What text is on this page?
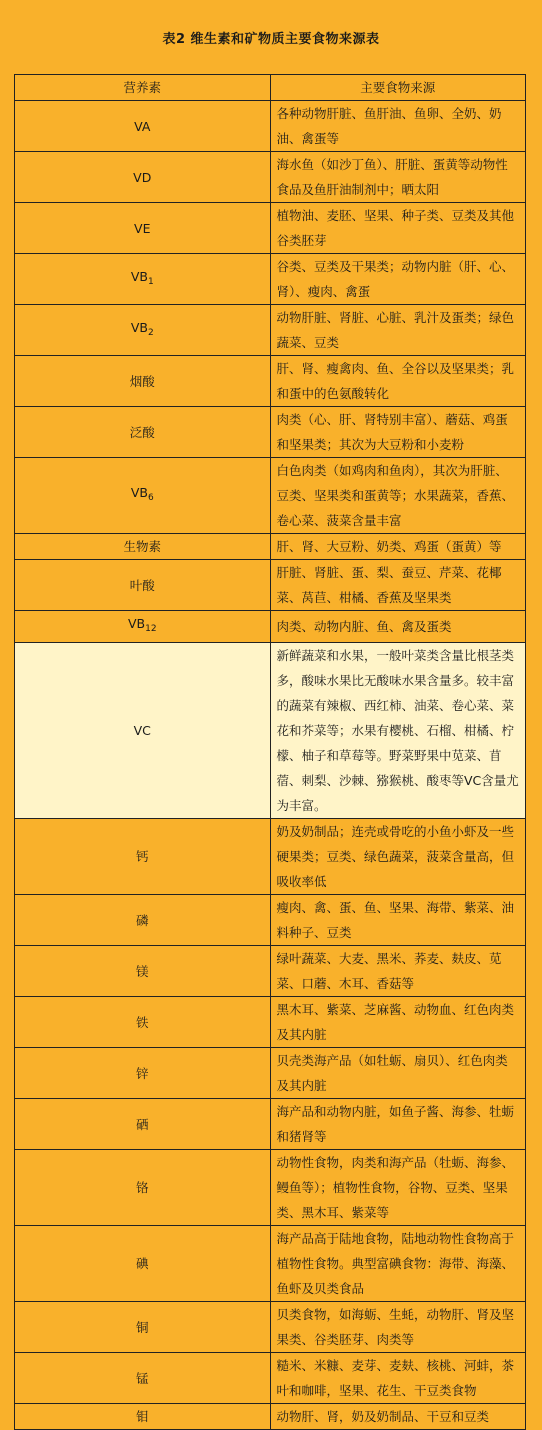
表2 维生素和矿物质主要食物来源表
营养素	主要食物来源
VA	各种动物肝脏、鱼肝油、鱼卵、全奶、奶油、禽蛋等
VD	海水鱼（如沙丁鱼）、肝脏、蛋黄等动物性食品及鱼肝油制剂中；晒太阳
VE	植物油、麦胚、坚果、种子类、豆类及其他谷类胚芽
$VB_1$	谷类、豆类及干果类；动物内脏（肝、心、肾）、瘦肉、禽蛋
$VB_2$	动物肝脏、肾脏、心脏、乳汁及蛋类；绿色蔬菜、豆类
烟酸	肝、肾、瘦禽肉、鱼、全谷以及坚果类；乳和蛋中的色氨酸转化
泛酸	肉类（心、肝、肾特别丰富）、蘑菇、鸡蛋和坚果类；其次为大豆粉和小麦粉
$VB_6$	白色肉类（如鸡肉和鱼肉），其次为肝脏、豆类、坚果类和蛋黄等；水果蔬菜，香蕉、卷心菜、菠菜含量丰富
生物素	肝、肾、大豆粉、奶类、鸡蛋（蛋黄）等
叶酸	肝脏、肾脏、蛋、梨、蚕豆、芹菜、花椰菜、莴苣、柑橘、香蕉及坚果类
$VB_{12}$	肉类、动物内脏、鱼、禽及蛋类
VC	新鲜蔬菜和水果，一般叶菜类含量比根茎类多，酸味水果比无酸味水果含量多。较丰富的蔬菜有辣椒、西红柿、油菜、卷心菜、菜花和芥菜等；水果有樱桃、石榴、柑橘、柠檬、柚子和草莓等。野菜野果中苋菜、苜蓿、刺梨、沙棘、猕猴桃、酸枣等VC含量尤为丰富。
钙	奶及奶制品；连壳或骨吃的小鱼小虾及一些硬果类；豆类、绿色蔬菜，菠菜含量高，但吸收率低
磷	瘦肉、禽、蛋、鱼、坚果、海带、紫菜、油料种子、豆类
镁	绿叶蔬菜、大麦、黑米、荞麦、麸皮、苋菜、口蘑、木耳、香菇等
铁	黑木耳、紫菜、芝麻酱、动物血、红色肉类及其内脏
锌	贝壳类海产品（如牡蛎、扇贝）、红色肉类及其内脏
硒	海产品和动物内脏，如鱼子酱、海参、牡蛎和猪肾等
铬	动物性食物，肉类和海产品（牡蛎、海参、鳗鱼等）；植物性食物，谷物、豆类、坚果类、黑木耳、紫菜等
碘	海产品高于陆地食物，陆地动物性食物高于植物性食物。典型富碘食物：海带、海藻、鱼虾及贝类食品
铜	贝类食物，如海蛎、生蚝，动物肝、肾及坚果类、谷类胚芽、肉类等
锰	糙米、米糠、麦芽、麦麸、核桃、河蚌，茶叶和咖啡，坚果、花生、干豆类食物
钼	动物肝、肾，奶及奶制品、干豆和豆类
